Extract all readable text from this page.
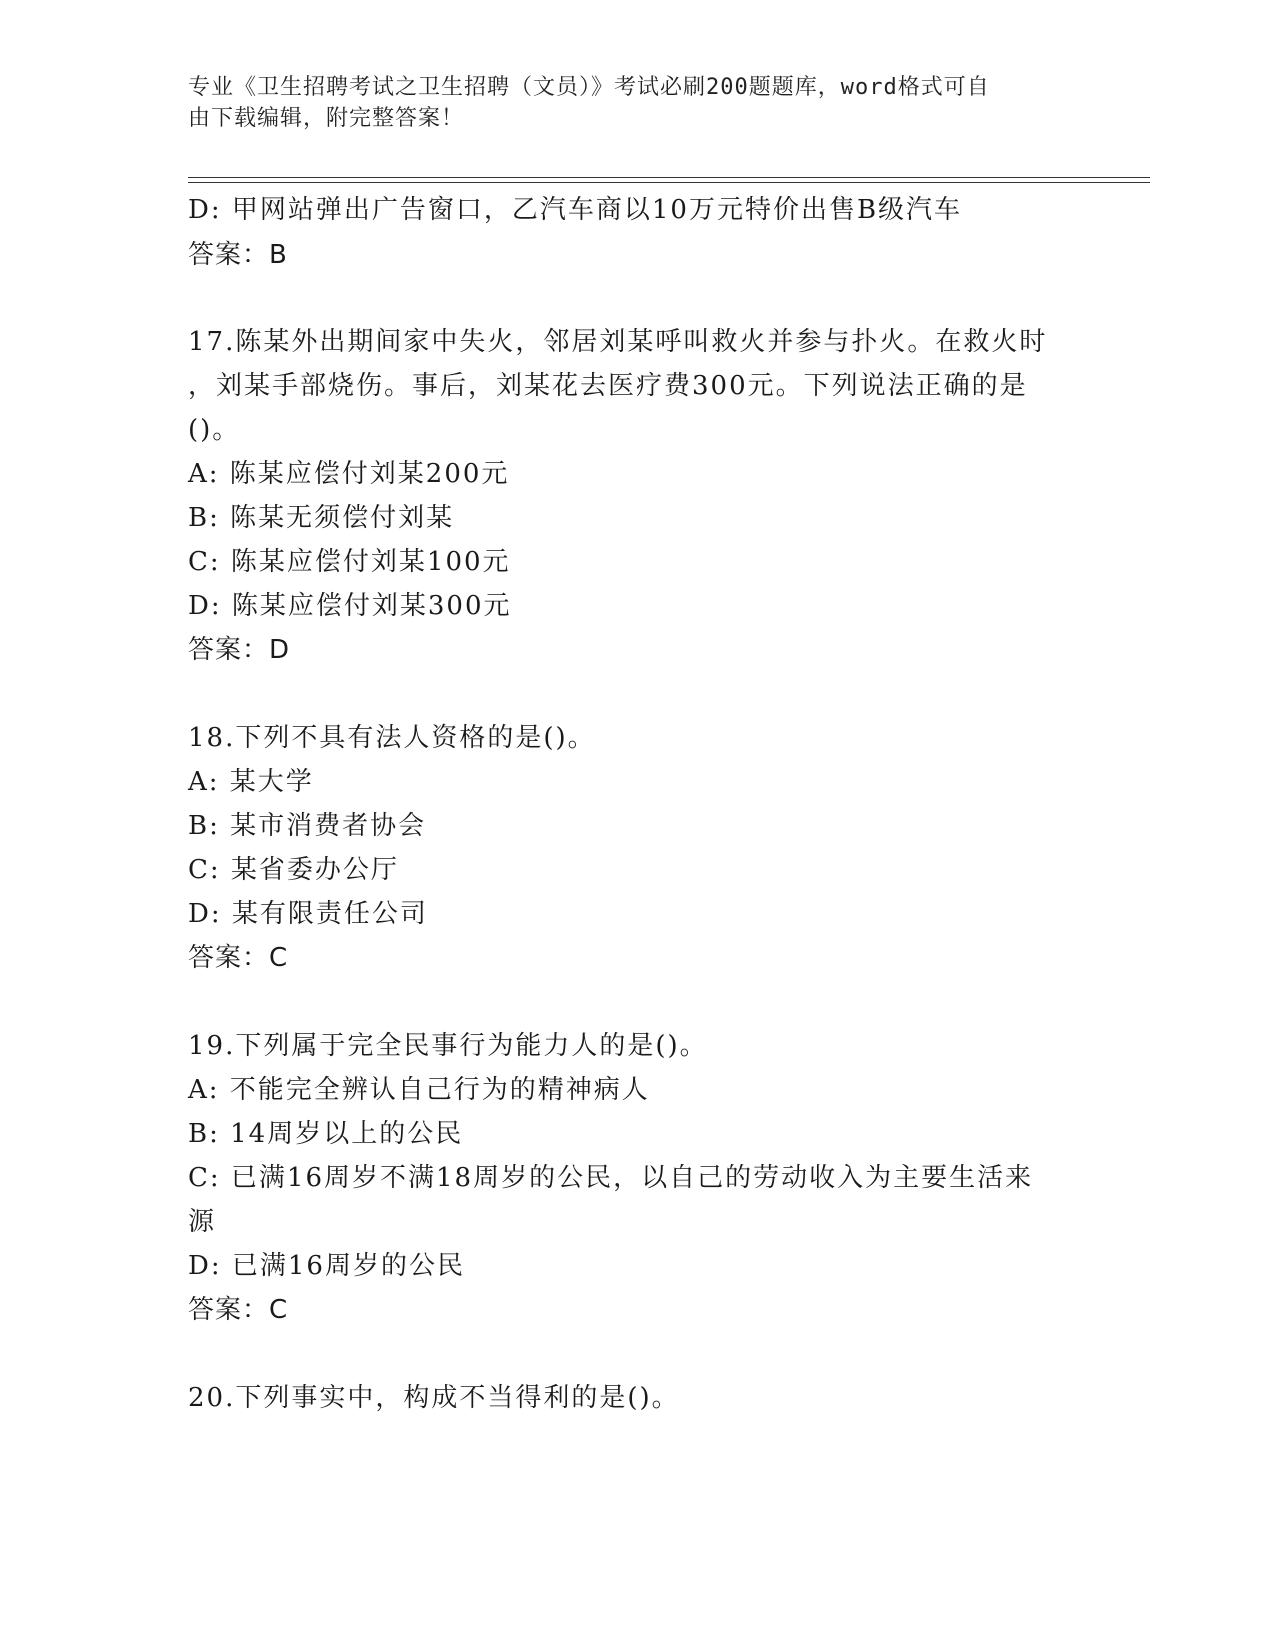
专业《卫生招聘考试之卫生招聘（文员）》考试必刷200题题库，word格式可自
由下载编辑，附完整答案！
D: 甲网站弹出广告窗口，乙汽车商以10万元特价出售B级汽车
答案：B
17.陈某外出期间家中失火，邻居刘某呼叫救火并参与扑火。在救火时
，刘某手部烧伤。事后，刘某花去医疗费300元。下列说法正确的是
()。
A: 陈某应偿付刘某200元
B: 陈某无须偿付刘某
C: 陈某应偿付刘某100元
D: 陈某应偿付刘某300元
答案：D
18.下列不具有法人资格的是()。
A: 某大学
B: 某市消费者协会
C: 某省委办公厅
D: 某有限责任公司
答案：C
19.下列属于完全民事行为能力人的是()。
A: 不能完全辨认自己行为的精神病人
B: 14周岁以上的公民
C: 已满16周岁不满18周岁的公民，以自己的劳动收入为主要生活来
源
D: 已满16周岁的公民
答案：C
20.下列事实中，构成不当得利的是()。
